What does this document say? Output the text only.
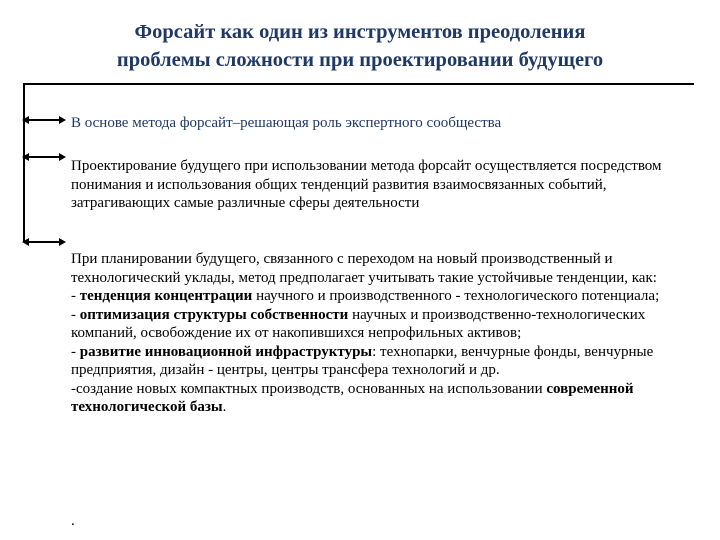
Форсайт как один из инструментов преодоления
проблемы сложности при проектировании будущего
В основе метода форсайт–решающая роль экспертного сообщества
Проектирование будущего при использовании метода форсайт осуществляется посредством понимания и использования общих тенденций развития взаимосвязанных событий, затрагивающих самые различные сферы деятельности

При планировании будущего, связанного с переходом на новый производственный и технологический уклады, метод предполагает учитывать такие устойчивые тенденции, как:

- тенденция концентрации научного и производственного - технологического потенциала;

- оптимизация структуры собственности научных и производственно-технологических компаний, освобождение их от накопившихся непрофильных активов;

- развитие инновационной инфраструктуры: технопарки, венчурные фонды, венчурные предприятия, дизайн - центры, центры трансфера технологий и др.

-создание новых компактных производств, основанных на использовании современной технологической базы.

.
